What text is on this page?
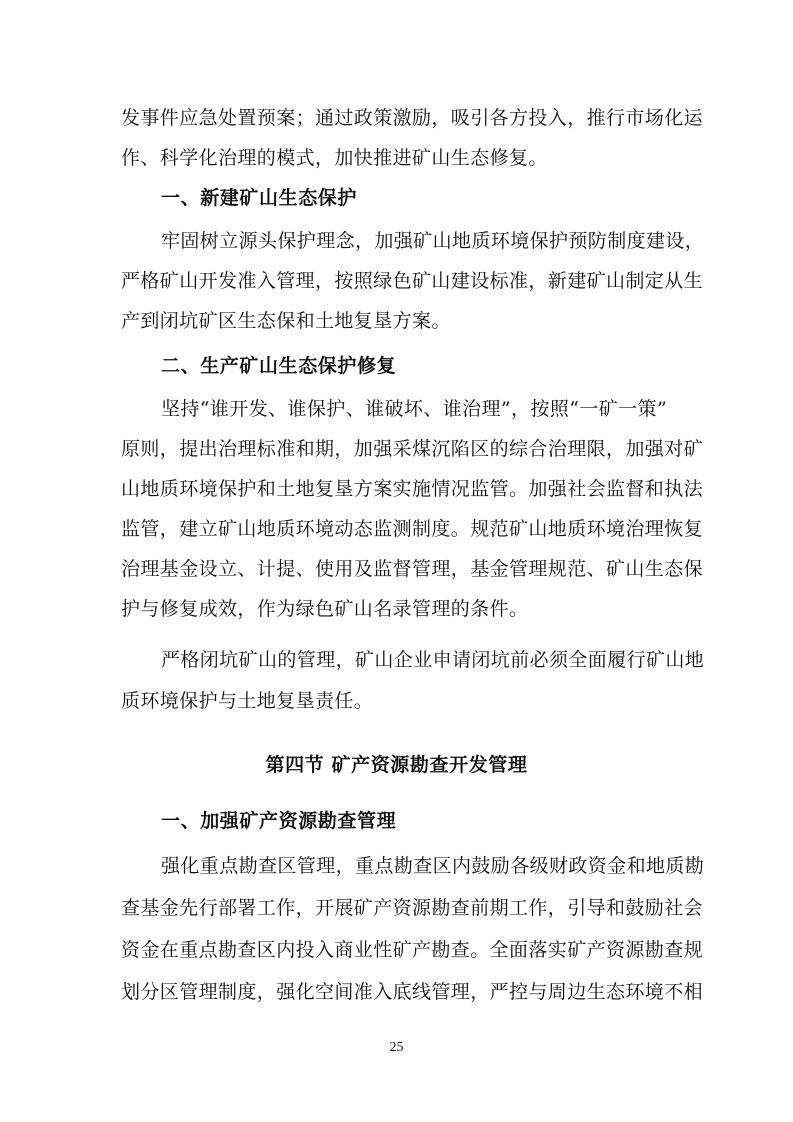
发事件应急处置预案；通过政策激励，吸引各方投入，推行市场化运
作、科学化治理的模式，加快推进矿山生态修复。
一、新建矿山生态保护
牢固树立源头保护理念，加强矿山地质环境保护预防制度建设，
严格矿山开发准入管理，按照绿色矿山建设标准，新建矿山制定从生
产到闭坑矿区生态保和土地复垦方案。
二、生产矿山生态保护修复
坚持“谁开发、谁保护、谁破坏、谁治理”，按照“一矿一策”
原则，提出治理标准和期，加强采煤沉陷区的综合治理限，加强对矿
山地质环境保护和土地复垦方案实施情况监管。加强社会监督和执法
监管，建立矿山地质环境动态监测制度。规范矿山地质环境治理恢复
治理基金设立、计提、使用及监督管理，基金管理规范、矿山生态保
护与修复成效，作为绿色矿山名录管理的条件。
严格闭坑矿山的管理，矿山企业申请闭坑前必须全面履行矿山地
质环境保护与土地复垦责任。
第四节 矿产资源勘查开发管理
一、加强矿产资源勘查管理
强化重点勘查区管理，重点勘查区内鼓励各级财政资金和地质勘
查基金先行部署工作，开展矿产资源勘查前期工作，引导和鼓励社会
资金在重点勘查区内投入商业性矿产勘查。全面落实矿产资源勘查规
划分区管理制度，强化空间准入底线管理，严控与周边生态环境不相
25
